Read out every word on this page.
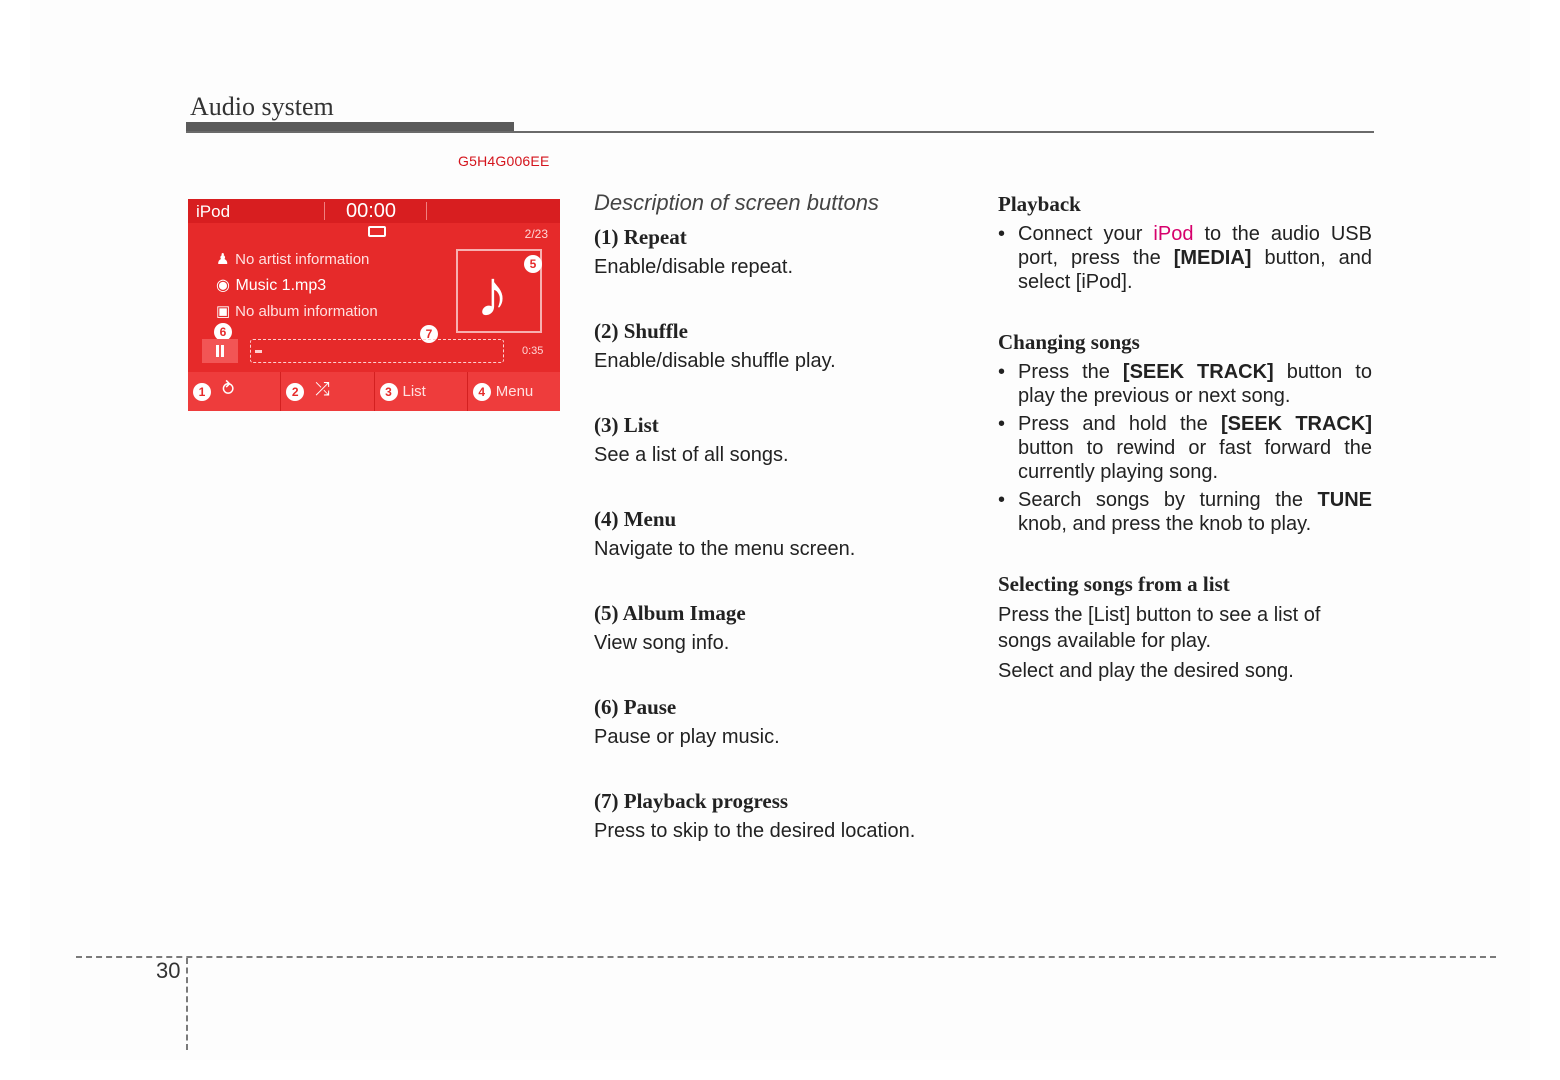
Audio system
G5H4G006EE
iPod	00:00
2/23
♟ No artist information
◉ Music 1.mp3
▣ No album information ♪	5
6	7
0:35
1 ⥁	2 ⤮	3 List	4 Menu

Description of screen buttons

(1) Repeat

Enable/disable repeat.

(2) Shuffle

Enable/disable shuffle play.

(3) List

See a list of all songs.

(4) Menu

Navigate to the menu screen.

(5) Album Image

View song info.

(6) Pause

Pause or play music.

(7) Playback progress

Press to skip to the desired location.

Playback

• Connect your iPod to the audio USB port, press the [MEDIA] button, and select [iPod].

Changing songs

• Press the [SEEK TRACK] button to play the previous or next song.
• Press and hold the [SEEK TRACK] button to rewind or fast forward the currently playing song.
• Search songs by turning the TUNE knob, and press the knob to play.

Selecting songs from a list

Press the [List] button to see a list of songs available for play.

Select and play the desired song.

30
